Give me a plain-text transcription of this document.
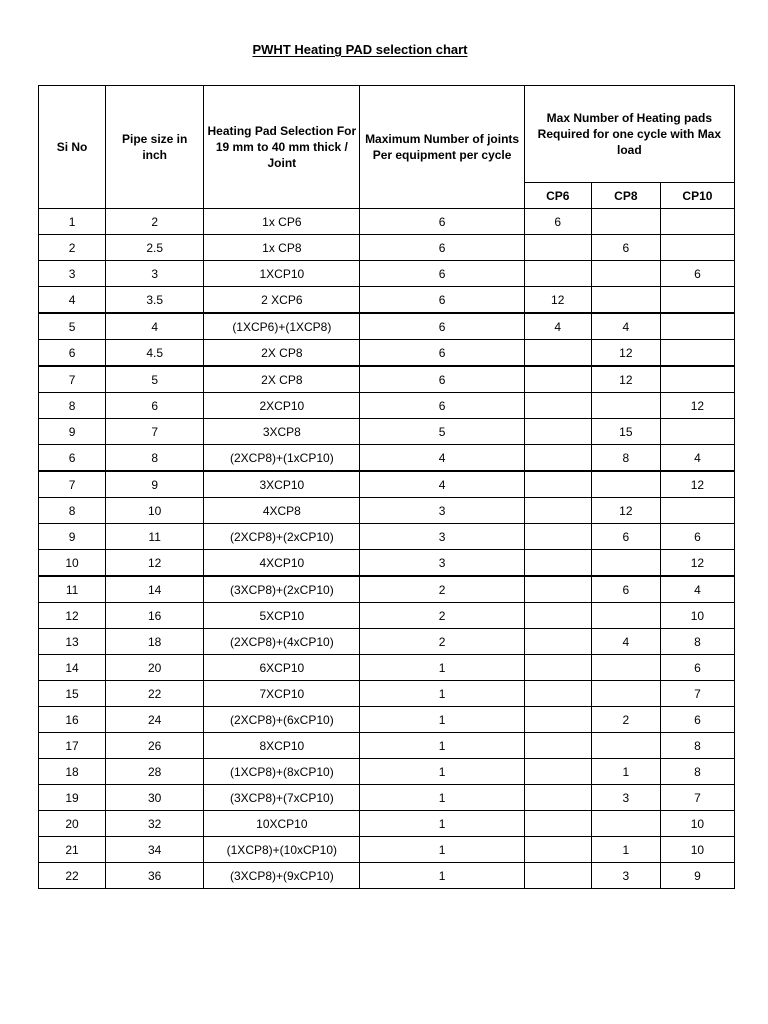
PWHT Heating PAD selection chart
Si No	Pipe size in inch	Heating Pad Selection For 19 mm to 40 mm thick / Joint	Maximum Number of joints Per equipment per cycle	Max Number of Heating pads Required for one cycle with Max load		
				CP6	CP8	CP10
1	2	1x CP6	6	6		
2	2.5	1x CP8	6		6	
3	3	1XCP10	6			6
4	3.5	2 XCP6	6	12		
5	4	(1XCP6)+(1XCP8)	6	4	4	
6	4.5	2X CP8	6		12	
7	5	2X CP8	6		12	
8	6	2XCP10	6			12
9	7	3XCP8	5		15	
6	8	(2XCP8)+(1xCP10)	4		8	4
7	9	3XCP10	4			12
8	10	4XCP8	3		12	
9	11	(2XCP8)+(2xCP10)	3		6	6
10	12	4XCP10	3			12
11	14	(3XCP8)+(2xCP10)	2		6	4
12	16	5XCP10	2			10
13	18	(2XCP8)+(4xCP10)	2		4	8
14	20	6XCP10	1			6
15	22	7XCP10	1			7
16	24	(2XCP8)+(6xCP10)	1		2	6
17	26	8XCP10	1			8
18	28	(1XCP8)+(8xCP10)	1		1	8
19	30	(3XCP8)+(7xCP10)	1		3	7
20	32	10XCP10	1			10
21	34	(1XCP8)+(10xCP10)	1		1	10
22	36	(3XCP8)+(9xCP10)	1		3	9
